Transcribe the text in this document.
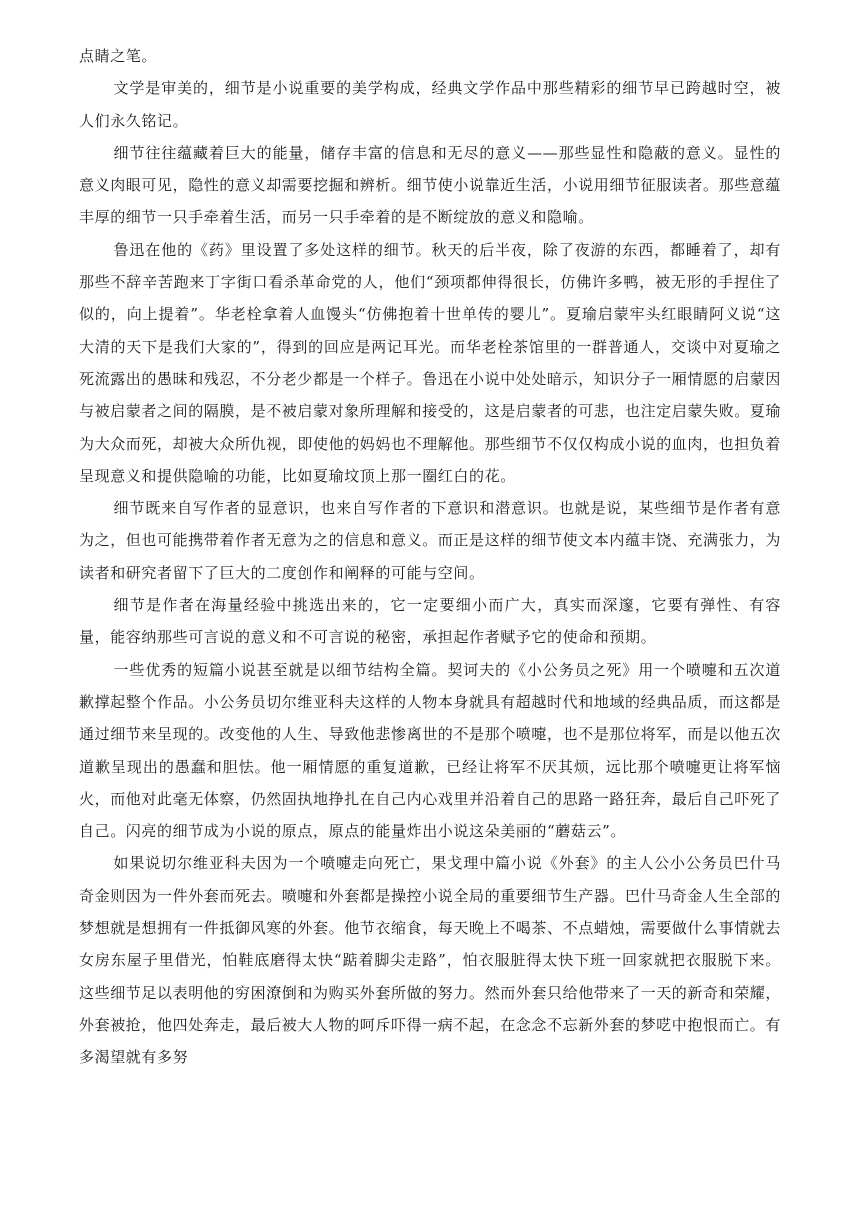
点睛之笔。

文学是审美的，细节是小说重要的美学构成，经典文学作品中那些精彩的细节早已跨越时空，被人们永久铭记。

细节往往蕴藏着巨大的能量，储存丰富的信息和无尽的意义——那些显性和隐蔽的意义。显性的意义肉眼可见，隐性的意义却需要挖掘和辨析。细节使小说靠近生活，小说用细节征服读者。那些意蕴丰厚的细节一只手牵着生活，而另一只手牵着的是不断绽放的意义和隐喻。

鲁迅在他的《药》里设置了多处这样的细节。秋天的后半夜，除了夜游的东西，都睡着了，却有那些不辞辛苦跑来丁字街口看杀革命党的人，他们“颈项都伸得很长，仿佛许多鸭，被无形的手捏住了似的，向上提着”。华老栓拿着人血馒头“仿佛抱着十世单传的婴儿”。夏瑜启蒙牢头红眼睛阿义说“这大清的天下是我们大家的”，得到的回应是两记耳光。而华老栓茶馆里的一群普通人，交谈中对夏瑜之死流露出的愚昧和残忍，不分老少都是一个样子。鲁迅在小说中处处暗示，知识分子一厢情愿的启蒙因与被启蒙者之间的隔膜，是不被启蒙对象所理解和接受的，这是启蒙者的可悲，也注定启蒙失败。夏瑜为大众而死，却被大众所仇视，即使他的妈妈也不理解他。那些细节不仅仅构成小说的血肉，也担负着呈现意义和提供隐喻的功能，比如夏瑜坟顶上那一圈红白的花。

细节既来自写作者的显意识，也来自写作者的下意识和潜意识。也就是说，某些细节是作者有意为之，但也可能携带着作者无意为之的信息和意义。而正是这样的细节使文本内蕴丰饶、充满张力，为读者和研究者留下了巨大的二度创作和阐释的可能与空间。

细节是作者在海量经验中挑选出来的，它一定要细小而广大，真实而深邃，它要有弹性、有容量，能容纳那些可言说的意义和不可言说的秘密，承担起作者赋予它的使命和预期。

一些优秀的短篇小说甚至就是以细节结构全篇。契诃夫的《小公务员之死》用一个喷嚏和五次道歉撑起整个作品。小公务员切尔维亚科夫这样的人物本身就具有超越时代和地域的经典品质，而这都是通过细节来呈现的。改变他的人生、导致他悲惨离世的不是那个喷嚏，也不是那位将军，而是以他五次道歉呈现出的愚蠢和胆怯。他一厢情愿的重复道歉，已经让将军不厌其烦，远比那个喷嚏更让将军恼火，而他对此毫无体察，仍然固执地挣扎在自己内心戏里并沿着自己的思路一路狂奔，最后自己吓死了自己。闪亮的细节成为小说的原点，原点的能量炸出小说这朵美丽的“蘑菇云”。

如果说切尔维亚科夫因为一个喷嚏走向死亡，果戈理中篇小说《外套》的主人公小公务员巴什马奇金则因为一件外套而死去。喷嚏和外套都是操控小说全局的重要细节生产器。巴什马奇金人生全部的梦想就是想拥有一件抵御风寒的外套。他节衣缩食，每天晚上不喝茶、不点蜡烛，需要做什么事情就去女房东屋子里借光，怕鞋底磨得太快“踮着脚尖走路”，怕衣服脏得太快下班一回家就把衣服脱下来。这些细节足以表明他的穷困潦倒和为购买外套所做的努力。然而外套只给他带来了一天的新奇和荣耀，外套被抢，他四处奔走，最后被大人物的呵斥吓得一病不起，在念念不忘新外套的梦呓中抱恨而亡。有多渴望就有多努
